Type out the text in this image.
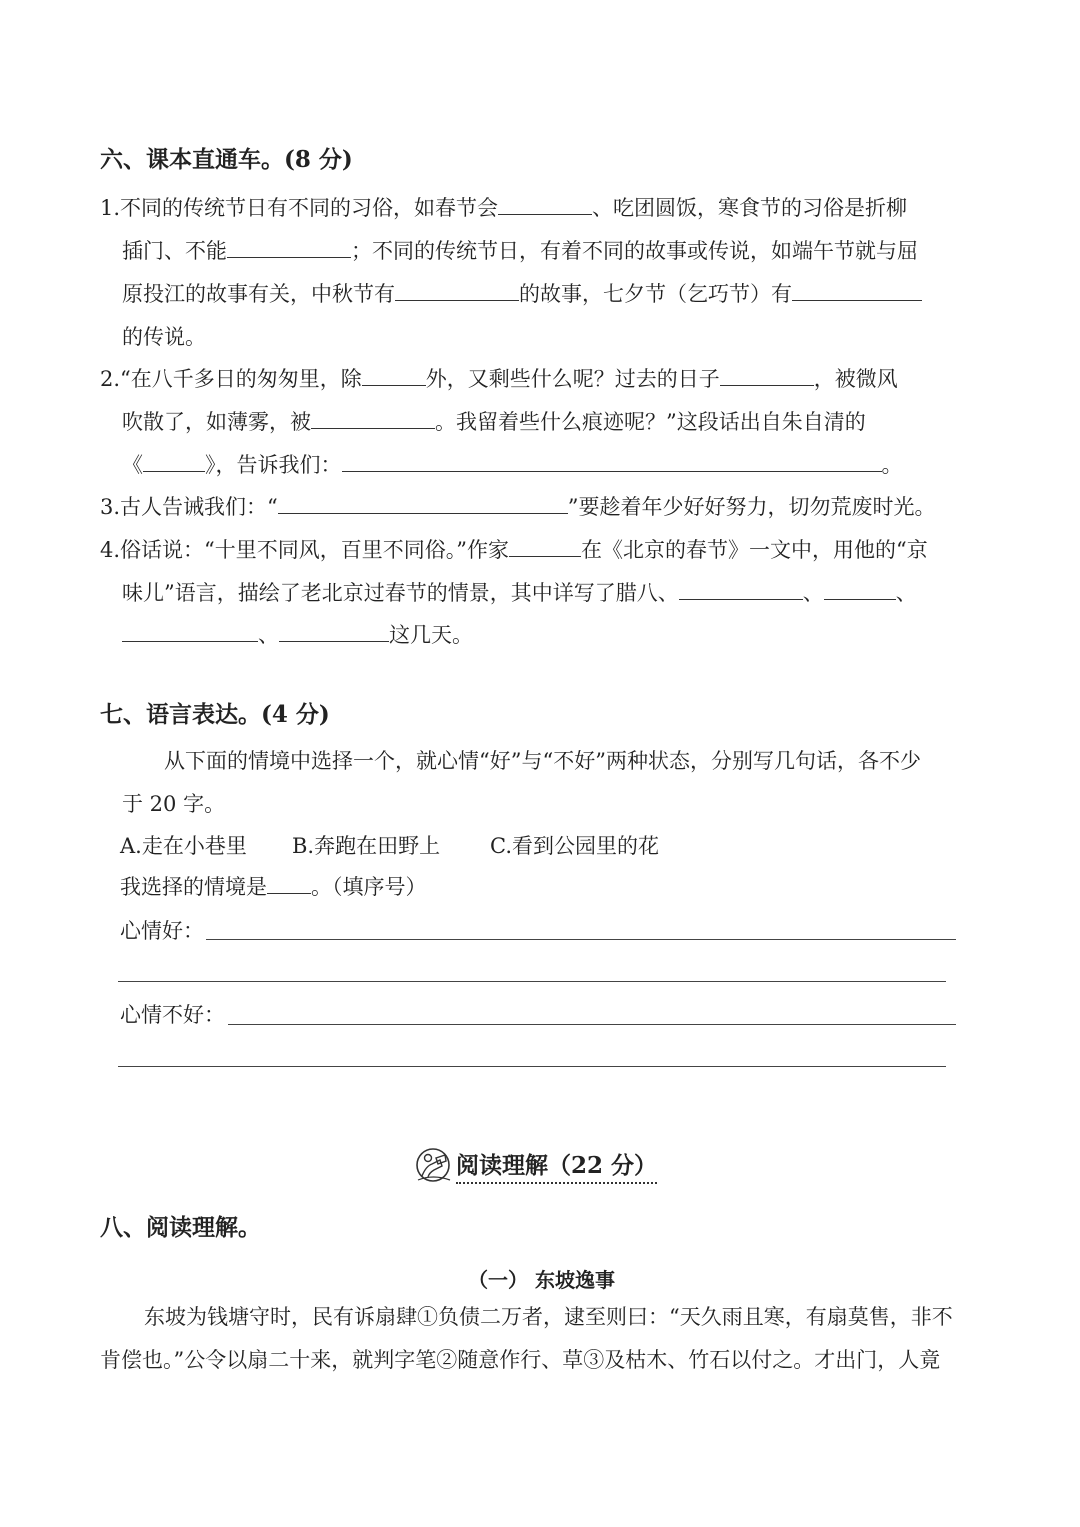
六、课本直通车。(8 分)
1.不同的传统节日有不同的习俗，如春节会	、吃团圆饭，寒食节的习俗是折柳
插门、不能	；不同的传统节日，有着不同的故事或传说，如端午节就与屈
原投江的故事有关，中秋节有	的故事，七夕节（乞巧节）有
的传说。
2.“在八千多日的匆匆里，除	外，又剩些什么呢？过去的日子	，被微风
吹散了，如薄雾，被	。我留着些什么痕迹呢？”这段话出自朱自清的
《	》，告诉我们：	。
3.古人告诫我们：“	”要趁着年少好好努力，切勿荒废时光。
4.俗话说：“十里不同风，百里不同俗。”作家	在《北京的春节》一文中，用他的“京
味儿”语言，描绘了老北京过春节的情景，其中详写了腊八、	、	、
、	这几天。
七、语言表达。(4 分)
从下面的情境中选择一个，就心情“好”与“不好”两种状态，分别写几句话，各不少
于 20 字。
A.走在小巷里 B.奔跑在田野上 C.看到公园里的花
我选择的情境是 。（填序号）
心情好：
心情不好：
阅读理解（22 分）
八、阅读理解。
（一） 东坡逸事
东坡为钱塘守时，民有诉扇肆①负债二万者，逮至则曰：“天久雨且寒，有扇莫售，非不
肯偿也。”公令以扇二十来，就判字笔②随意作行、草③及枯木、竹石以付之。才出门，人竟
